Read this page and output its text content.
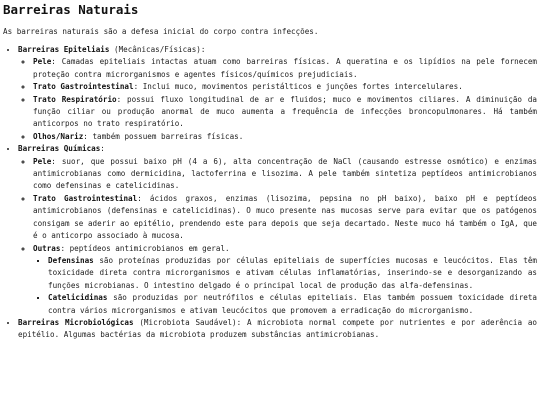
Barreiras Naturais

As barreiras naturais são a defesa inicial do corpo contra infecções.

• Barreiras Epiteliais (Mecânicas/Físicas):
◦ Pele: Camadas epiteliais intactas atuam como barreiras físicas. A queratina e os lipídios na pele fornecem proteção contra microrganismos e agentes físicos/químicos prejudiciais.
◦ Trato Gastrointestinal: Inclui muco, movimentos peristálticos e junções fortes intercelulares.
◦ Trato Respiratório: possui fluxo longitudinal de ar e fluidos; muco e movimentos ciliares. A diminuição da função ciliar ou produção anormal de muco aumenta a frequência de infecções broncopulmonares. Há também anticorpos no trato respiratório.
◦ Olhos/Nariz: também possuem barreiras físicas.
• Barreiras Químicas:
◦ Pele: suor, que possui baixo pH (4 a 6), alta concentração de NaCl (causando estresse osmótico) e enzimas antimicrobianas como dermicidina, lactoferrina e lisozima. A pele também sintetiza peptídeos antimicrobianos como defensinas e catelicidinas.
◦ Trato Gastrointestinal: ácidos graxos, enzimas (lisozima, pepsina no pH baixo), baixo pH e peptídeos antimicrobianos (defensinas e catelicidinas). O muco presente nas mucosas serve para evitar que os patógenos consigam se aderir ao epitélio, prendendo este para depois que seja decartado. Neste muco há também o IgA, que é o anticorpo associado à mucosa.
◦ Outras: peptídeos antimicrobianos em geral.
▪ Defensinas são proteínas produzidas por células epiteliais de superfícies mucosas e leucócitos. Elas têm toxicidade direta contra microrganismos e ativam células inflamatórias, inserindo-se e desorganizando as funções microbianas. O intestino delgado é o principal local de produção das alfa-defensinas.
▪ Catelicidinas são produzidas por neutrófilos e células epiteliais. Elas também possuem toxicidade direta contra vários microrganismos e ativam leucócitos que promovem a erradicação do microrganismo.
• Barreiras Microbiológicas (Microbiota Saudável): A microbiota normal compete por nutrientes e por aderência ao epitélio. Algumas bactérias da microbiota produzem substâncias antimicrobianas.
